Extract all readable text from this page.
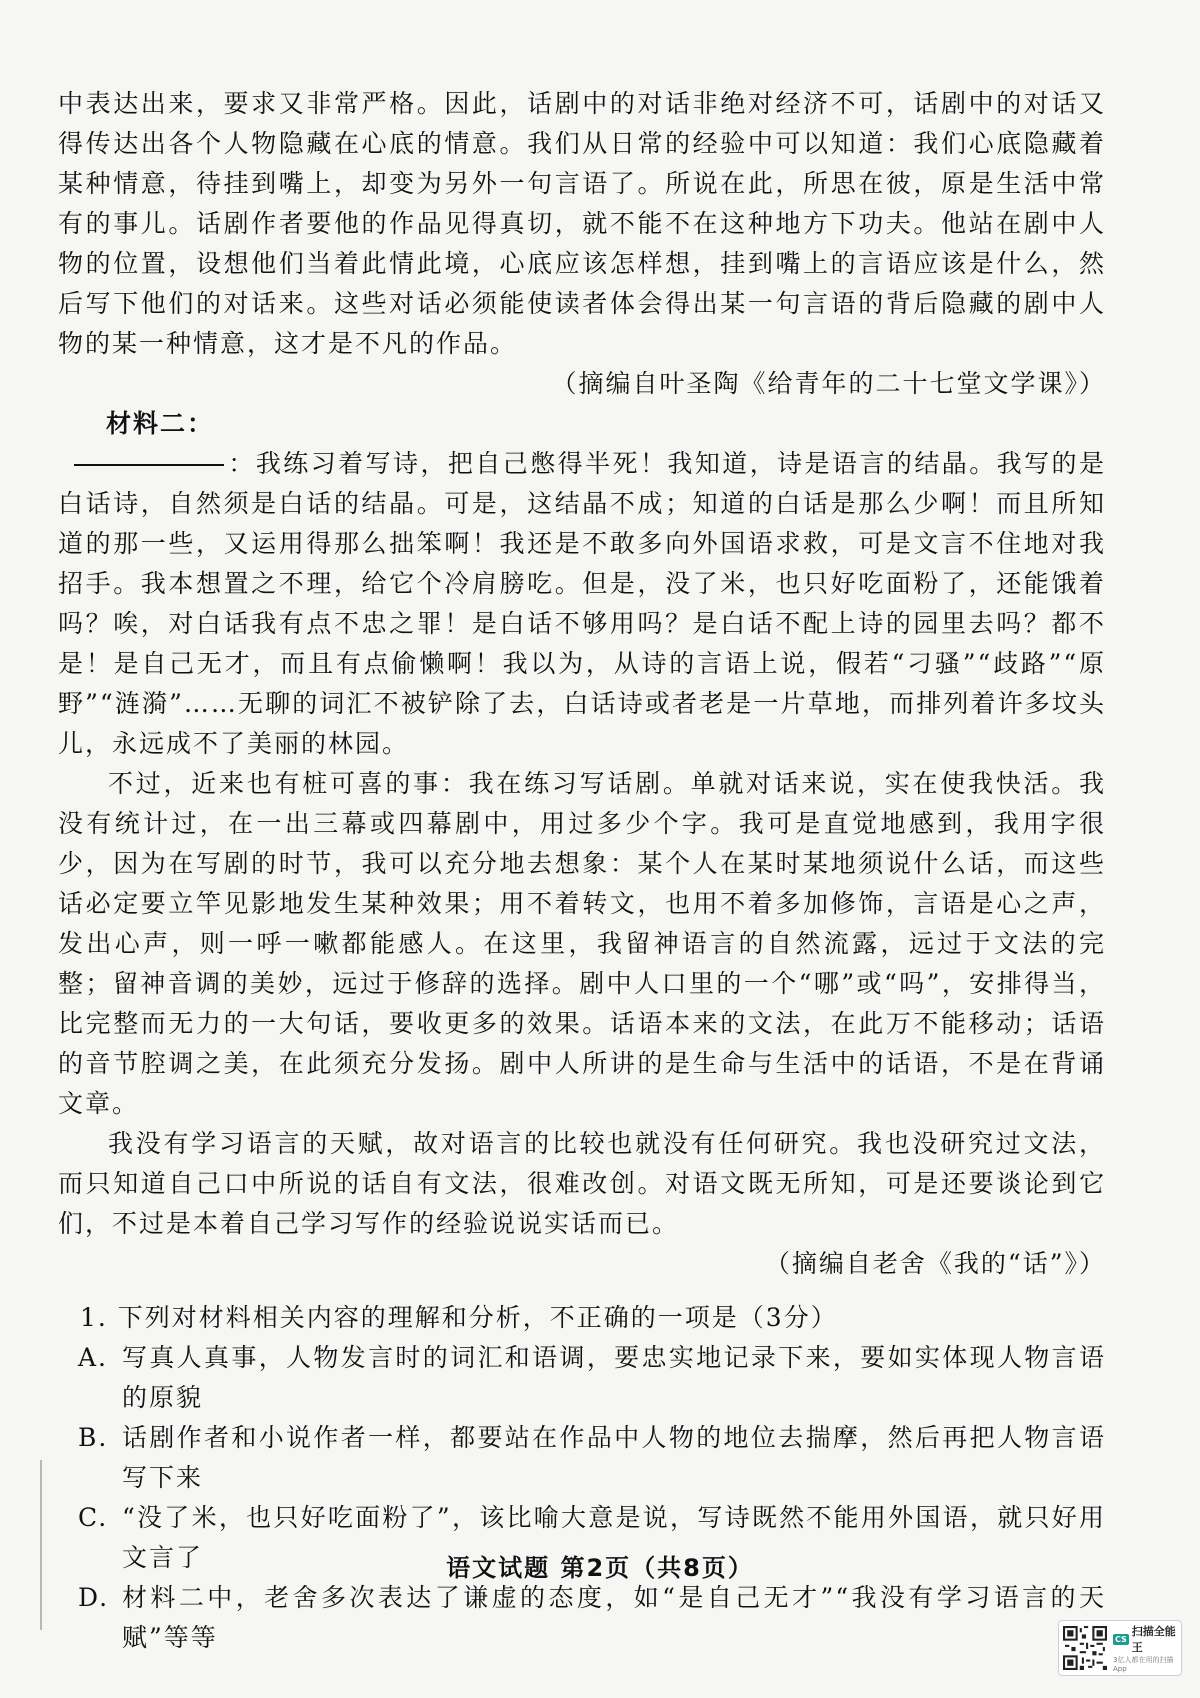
中表达出来，要求又非常严格。因此，话剧中的对话非绝对经济不可，话剧中的对话又得传达出各个人物隐藏在心底的情意。我们从日常的经验中可以知道：我们心底隐藏着某种情意，待挂到嘴上，却变为另外一句言语了。所说在此，所思在彼，原是生活中常有的事儿。话剧作者要他的作品见得真切，就不能不在这种地方下功夫。他站在剧中人物的位置，设想他们当着此情此境，心底应该怎样想，挂到嘴上的言语应该是什么，然后写下他们的对话来。这些对话必须能使读者体会得出某一句言语的背后隐藏的剧中人物的某一种情意，这才是不凡的作品。

（摘编自叶圣陶《给青年的二十七堂文学课》）

材料二：

：我练习着写诗，把自己憋得半死！我知道，诗是语言的结晶。我写的是白话诗，自然须是白话的结晶。可是，这结晶不成；知道的白话是那么少啊！而且所知道的那一些，又运用得那么拙笨啊！我还是不敢多向外国语求救，可是文言不住地对我招手。我本想置之不理，给它个冷肩膀吃。但是，没了米，也只好吃面粉了，还能饿着吗？唉，对白话我有点不忠之罪！是白话不够用吗？是白话不配上诗的园里去吗？都不是！是自己无才，而且有点偷懒啊！我以为，从诗的言语上说，假若“刁骚”“歧路”“原野”“涟漪”……无聊的词汇不被铲除了去，白话诗或者老是一片草地，而排列着许多坟头儿，永远成不了美丽的林园。

不过，近来也有桩可喜的事：我在练习写话剧。单就对话来说，实在使我快活。我没有统计过，在一出三幕或四幕剧中，用过多少个字。我可是直觉地感到，我用字很少，因为在写剧的时节，我可以充分地去想象：某个人在某时某地须说什么话，而这些话必定要立竿见影地发生某种效果；用不着转文，也用不着多加修饰，言语是心之声，发出心声，则一呼一嗽都能感人。在这里，我留神语言的自然流露，远过于文法的完整；留神音调的美妙，远过于修辞的选择。剧中人口里的一个“哪”或“吗”，安排得当，比完整而无力的一大句话，要收更多的效果。话语本来的文法，在此万不能移动；话语的音节腔调之美，在此须充分发扬。剧中人所讲的是生命与生活中的话语，不是在背诵文章。

我没有学习语言的天赋，故对语言的比较也就没有任何研究。我也没研究过文法，而只知道自己口中所说的话自有文法，很难改创。对语文既无所知，可是还要谈论到它们，不过是本着自己学习写作的经验说说实话而已。

（摘编自老舍《我的“话”》）

1. 下列对材料相关内容的理解和分析，不正确的一项是（3分）

A. 写真人真事，人物发言时的词汇和语调，要忠实地记录下来，要如实体现人物言语的原貌
B. 话剧作者和小说作者一样，都要站在作品中人物的地位去揣摩，然后再把人物言语写下来
C. “没了米，也只好吃面粉了”，该比喻大意是说，写诗既然不能用外国语，就只好用文言了
D. 材料二中，老舍多次表达了谦虚的态度，如“是自己无才”“我没有学习语言的天赋”等等
语文试题 第2页（共8页）
CS
扫描全能王
3亿人都在用的扫描App
